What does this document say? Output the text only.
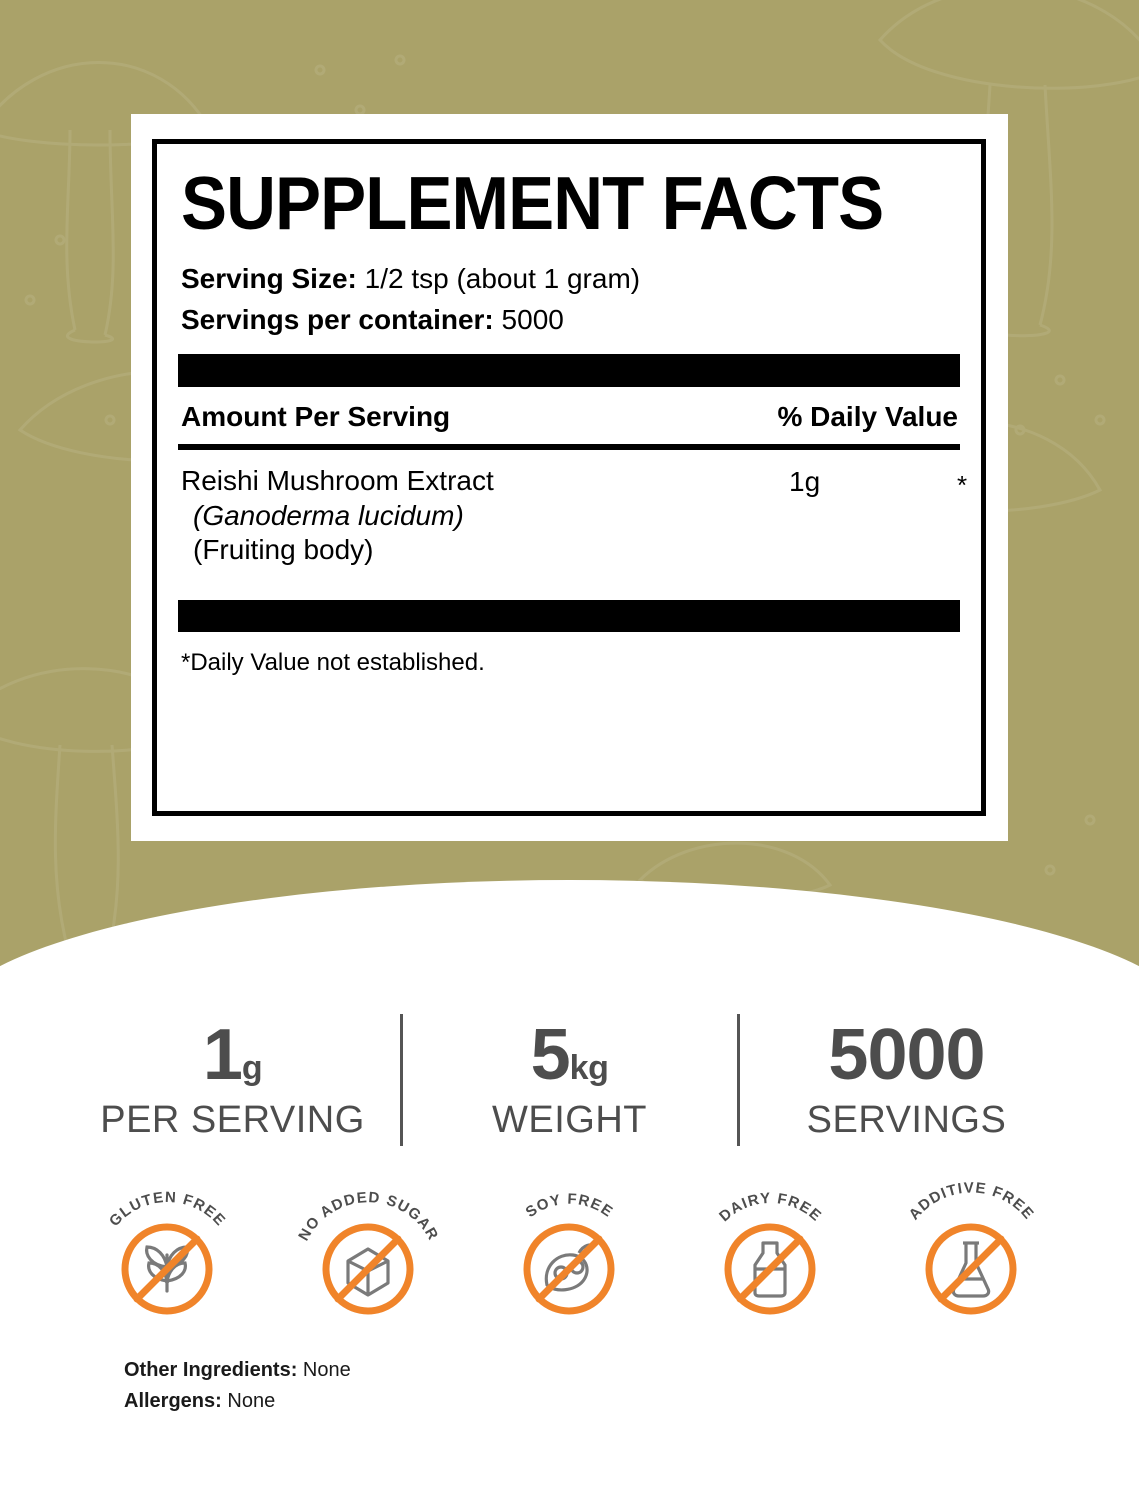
SUPPLEMENT FACTS
Serving Size: 1/2 tsp (about 1 gram)
Servings per container: 5000
Amount Per Serving	% Daily Value
Reishi Mushroom Extract
(Ganoderma lucidum)
(Fruiting body)
1g	*
*Daily Value not established.
1g
PER SERVING
5kg
WEIGHT
5000
SERVINGS
GLUTEN FREE
NO ADDED SUGAR
SOY FREE	DAIRY FREE	ADDITIVE FREE
Other Ingredients: None
Allergens: None
